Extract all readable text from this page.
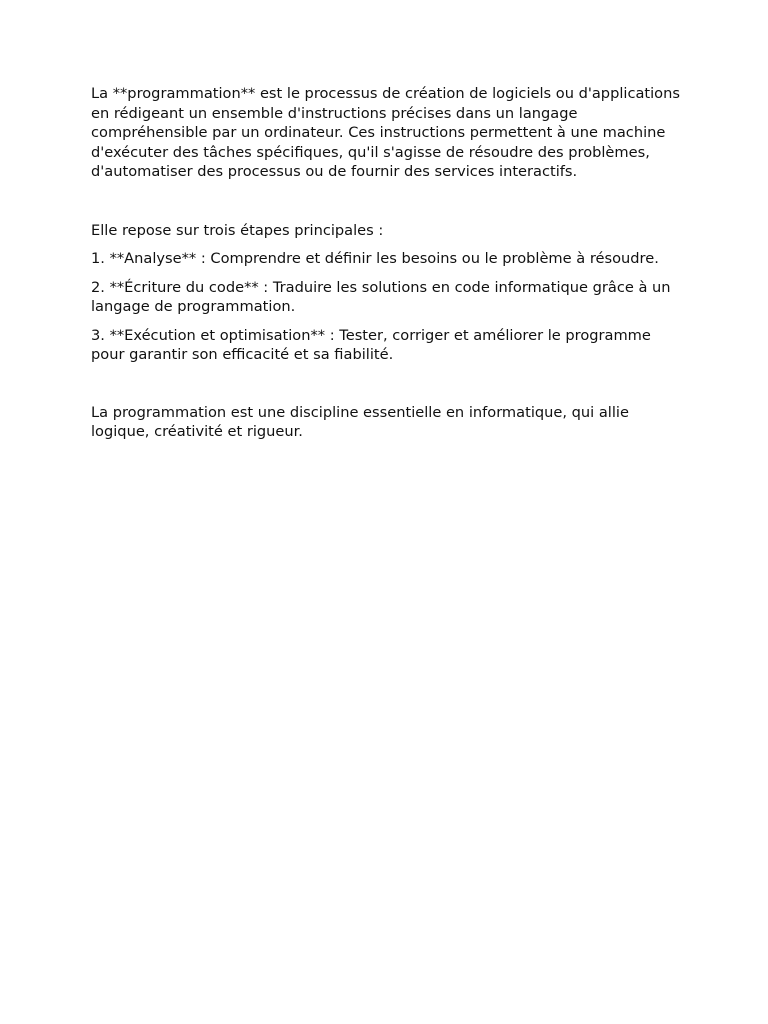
La **programmation** est le processus de création de logiciels ou d'applications en rédigeant un ensemble d'instructions précises dans un langage compréhensible par un ordinateur. Ces instructions permettent à une machine d'exécuter des tâches spécifiques, qu'il s'agisse de résoudre des problèmes, d'automatiser des processus ou de fournir des services interactifs.

Elle repose sur trois étapes principales :

1. **Analyse** : Comprendre et définir les besoins ou le problème à résoudre.
2. **Écriture du code** : Traduire les solutions en code informatique grâce à un langage de programmation.
3. **Exécution et optimisation** : Tester, corriger et améliorer le programme pour garantir son efficacité et sa fiabilité.

La programmation est une discipline essentielle en informatique, qui allie logique, créativité et rigueur.
